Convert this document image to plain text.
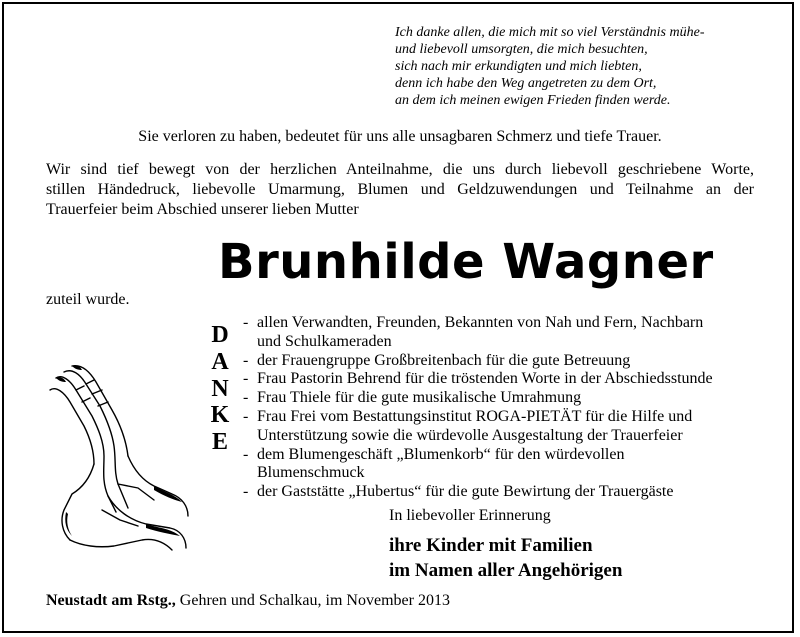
Ich danke allen, die mich mit so viel Verständnis mühe-
und liebevoll umsorgten, die mich besuchten,
sich nach mir erkundigten und mich liebten,
denn ich habe den Weg angetreten zu dem Ort,
an dem ich meinen ewigen Frieden finden werde.
Sie verloren zu haben, bedeutet für uns alle unsagbaren Schmerz und tiefe Trauer.
Wir sind tief bewegt von der herzlichen Anteilnahme, die uns durch liebevoll geschriebene Worte,
stillen Händedruck, liebevolle Umarmung, Blumen und Geldzuwendungen und Teilnahme an der
Trauerfeier beim Abschied unserer lieben Mutter
Brunhilde Wagner
zuteil wurde.
D
A
N
K
E
- allen Verwandten, Freunden, Bekannten von Nah und Fern, Nachbarn
und Schulkameraden
- der Frauengruppe Großbreitenbach für die gute Betreuung
- Frau Pastorin Behrend für die tröstenden Worte in der Abschiedsstunde
- Frau Thiele für die gute musikalische Umrahmung
- Frau Frei vom Bestattungsinstitut ROGA-PIETÄT für die Hilfe und
Unterstützung sowie die würdevolle Ausgestaltung der Trauerfeier
- dem Blumengeschäft „Blumenkorb“ für den würdevollen
Blumenschmuck
- der Gaststätte „Hubertus“ für die gute Bewirtung der Trauergäste
In liebevoller Erinnerung
ihre Kinder mit Familien
im Namen aller Angehörigen
Neustadt am Rstg., Gehren und Schalkau, im November 2013
